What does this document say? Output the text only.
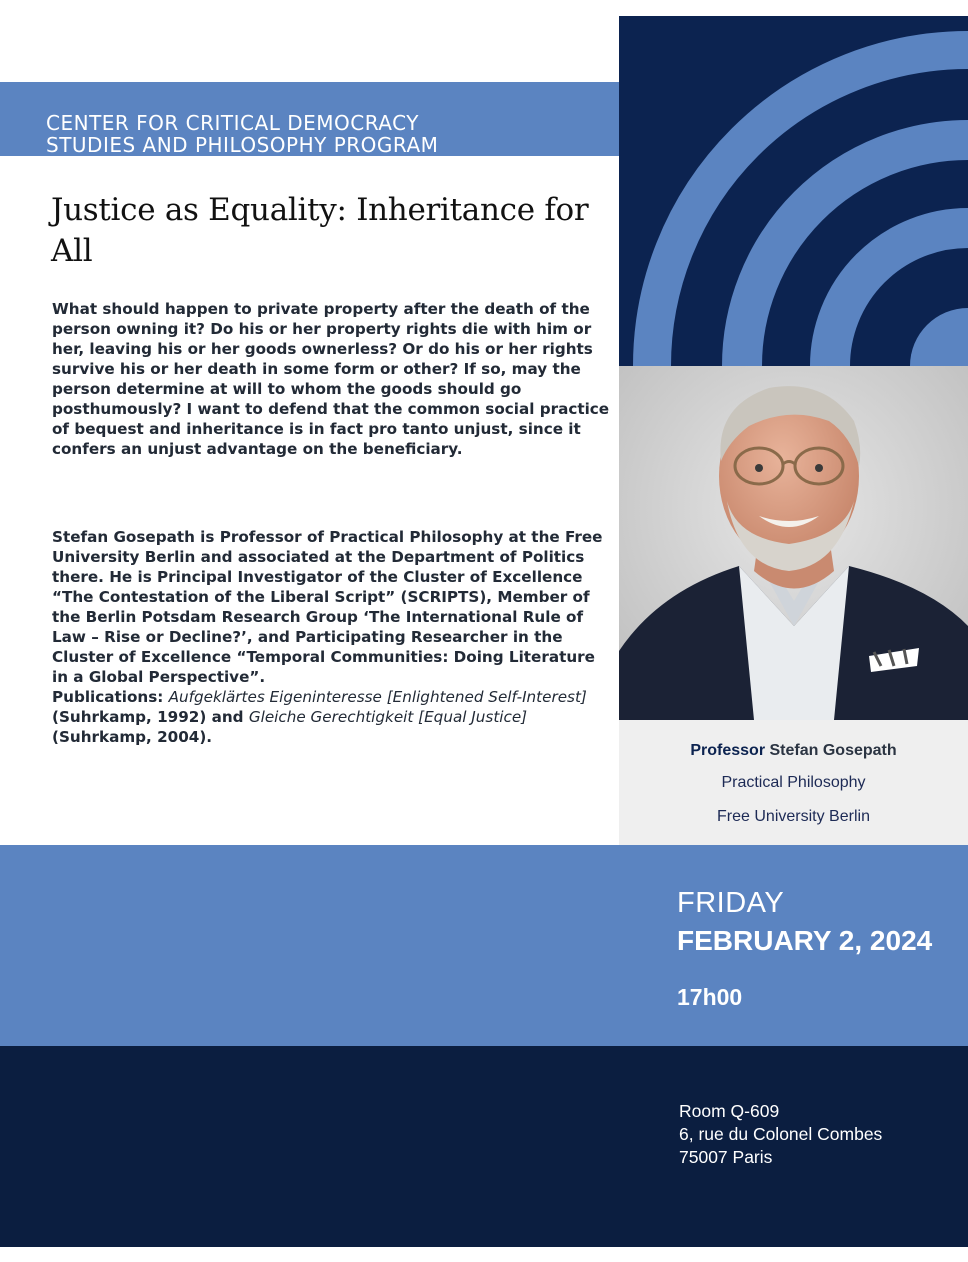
CENTER FOR CRITICAL DEMOCRACY
STUDIES AND PHILOSOPHY PROGRAM
Justice as Equality: Inheritance for All

What should happen to private property after the death of the person owning it? Do his or her property rights die with him or her, leaving his or her goods ownerless? Or do his or her rights survive his or her death in some form or other? If so, may the person determine at will to whom the goods should go posthumously? I want to defend that the common social practice of bequest and inheritance is in fact pro tanto unjust, since it confers an unjust advantage on the beneficiary.

Stefan Gosepath is Professor of Practical Philosophy at the Free University Berlin and associated at the Department of Politics there. He is Principal Investigator of the Cluster of Excellence “The Contestation of the Liberal Script” (SCRIPTS), Member of the Berlin Potsdam Research Group ‘The International Rule of Law – Rise or Decline?’, and Participating Researcher in the Cluster of Excellence “Temporal Communities: Doing Literature in a Global Perspective”.
Publications: Aufgeklärtes Eigeninteresse [Enlightened Self-Interest] (Suhrkamp, 1992) and Gleiche Gerechtigkeit [Equal Justice] (Suhrkamp, 2004).
Professor Stefan Gosepath
Practical Philosophy
Free University Berlin
FRIDAY
FEBRUARY 2, 2024
17h00
Room Q-609
6, rue du Colonel Combes
75007 Paris
